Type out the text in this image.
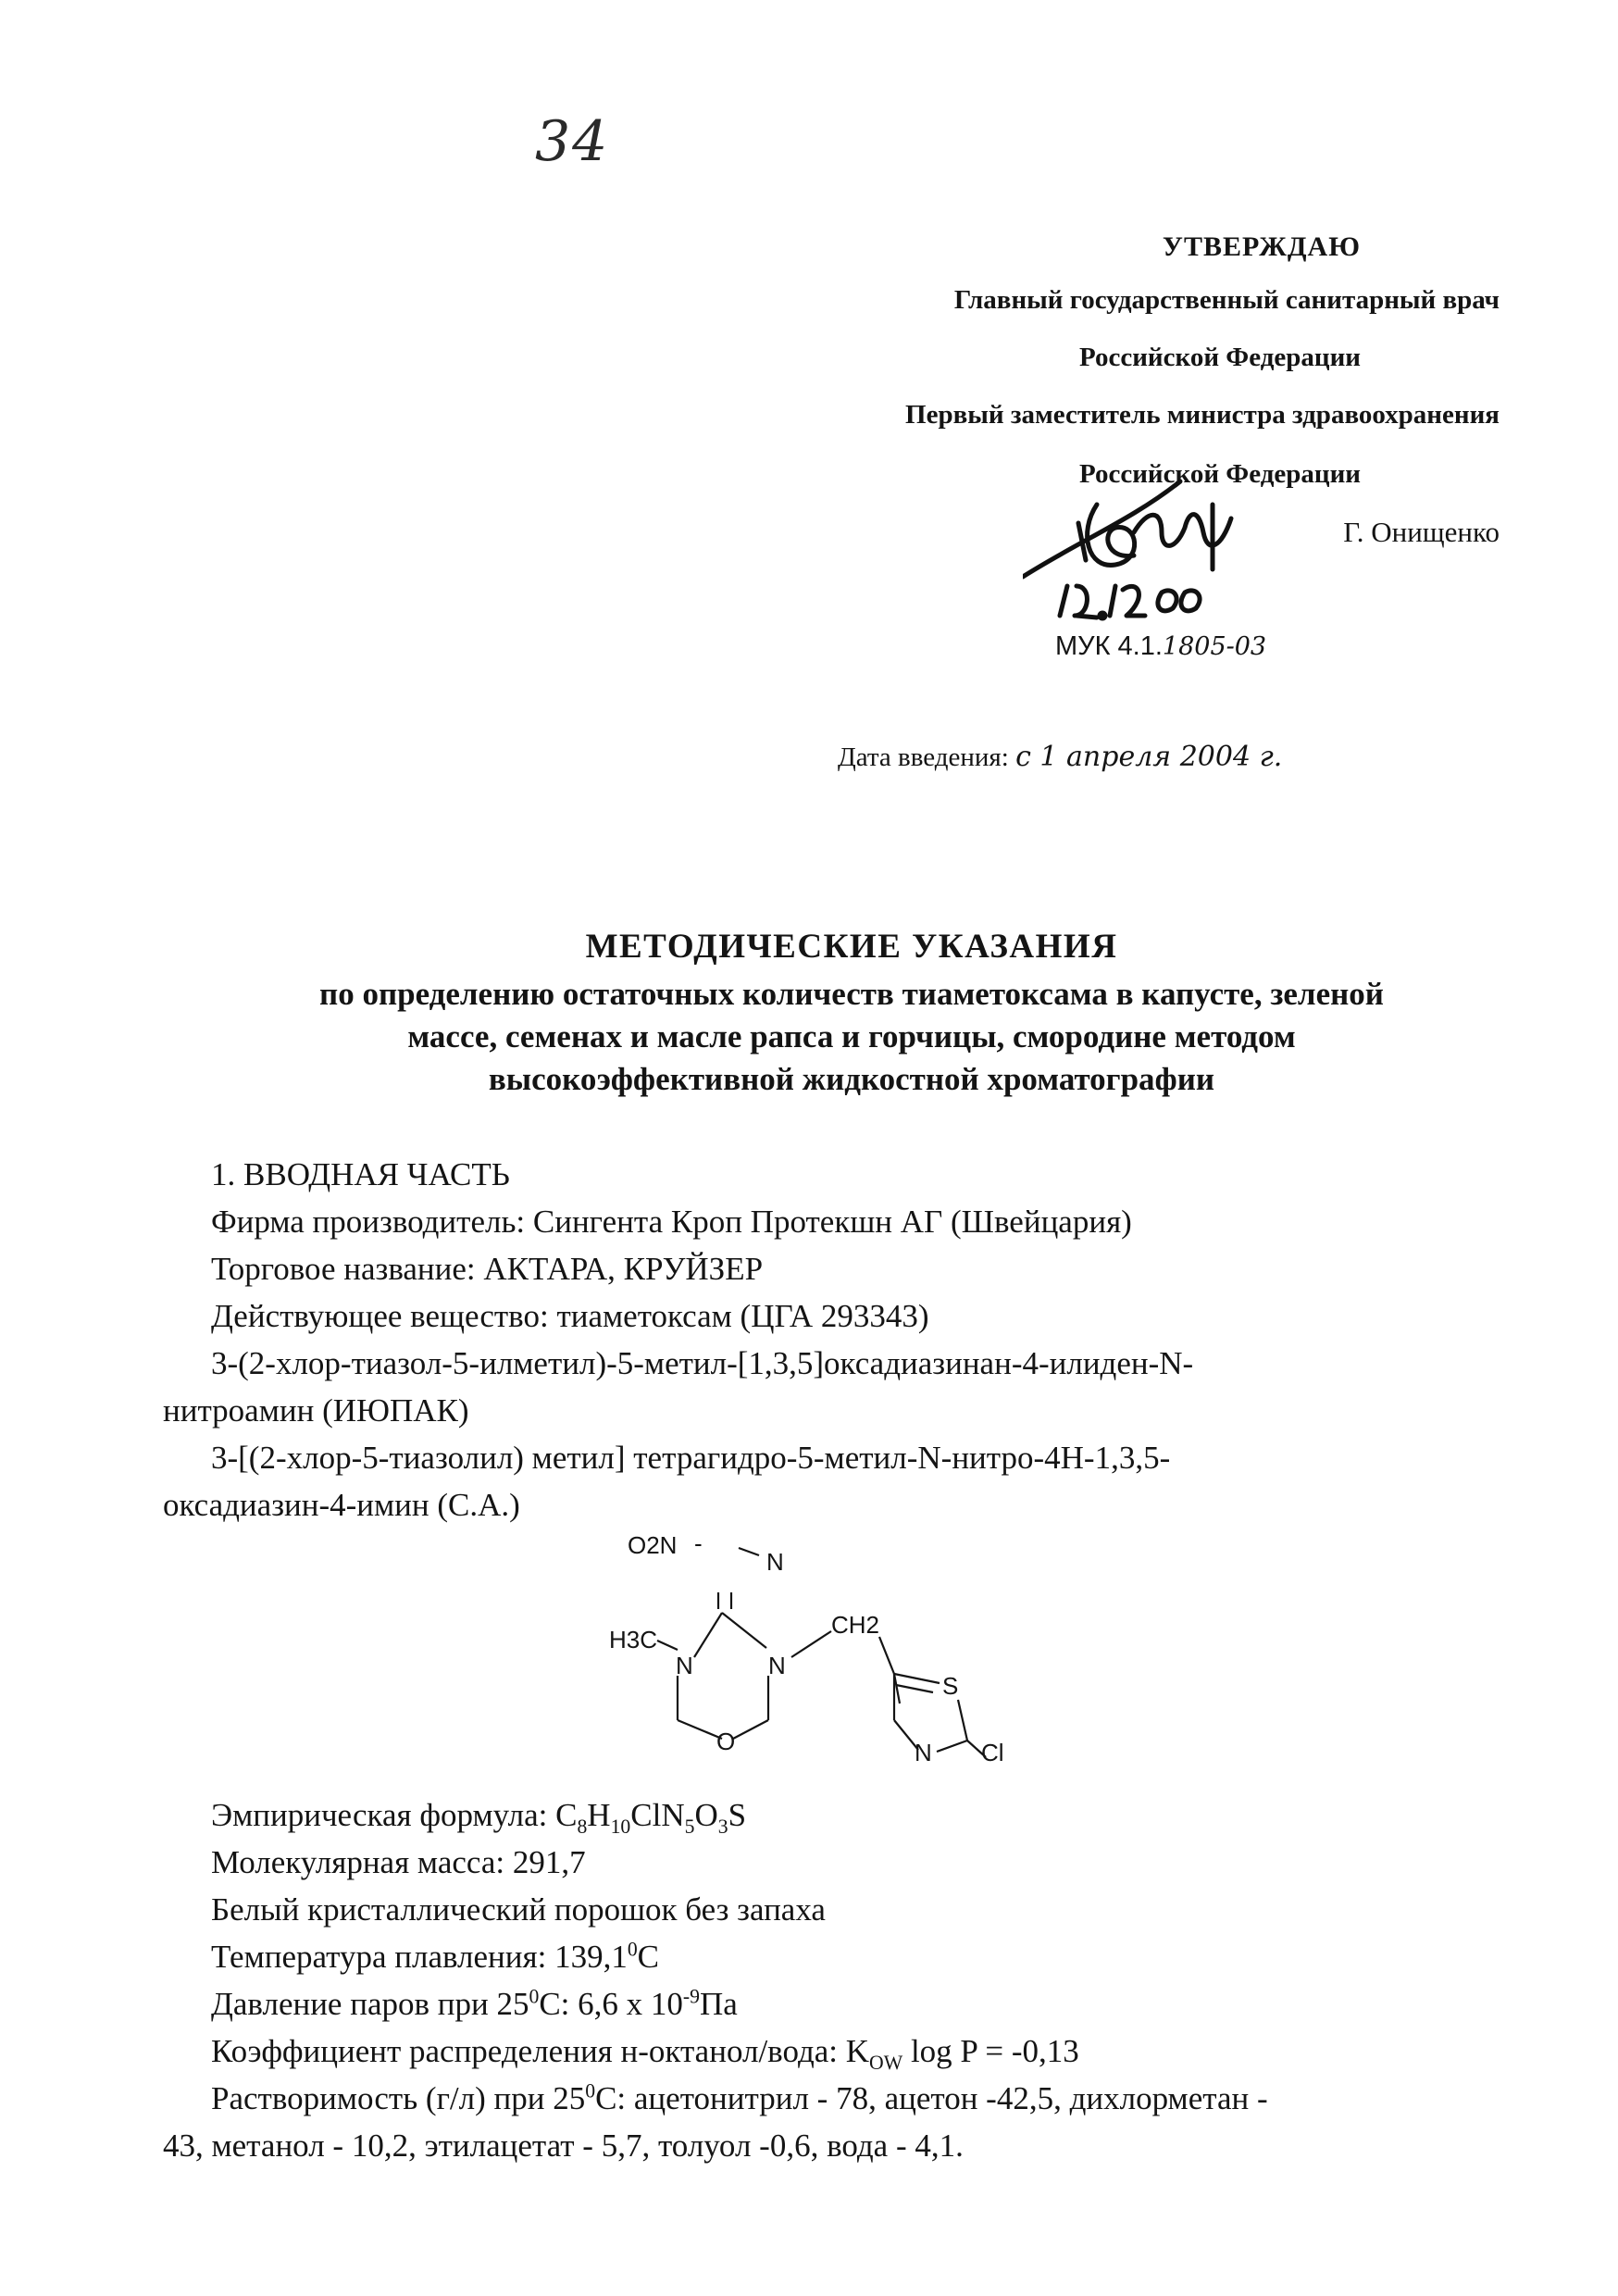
34
УТВЕРЖДАЮ
Главный государственный санитарный врач
Российской Федерации
Первый заместитель министра здравоохранения
Российской Федерации
Г. Онищенко
МУК 4.1.1805-03
Дата введения: с 1 апреля 2004 г.
МЕТОДИЧЕСКИЕ УКАЗАНИЯ
по определению остаточных количеств тиаметоксама в капусте, зеленой
массе, семенах и масле рапса и горчицы, смородине методом
высокоэффективной жидкостной хроматографии
1. ВВОДНАЯ ЧАСТЬ
Фирма производитель: Сингента Кроп Протекшн АГ (Швейцария)
Торговое название: АКТАРА, КРУЙЗЕР
Действующее вещество: тиаметоксам (ЦГА 293343)
3-(2-хлор-тиазол-5-илметил)-5-метил-[1,3,5]оксадиазинан-4-илиден-N-
нитроамин (ИЮПАК)
3-[(2-хлор-5-тиазолил) метил] тетрагидро-5-метил-N-нитро-4H-1,3,5-
оксадиазин-4-имин (С.А.)
O2N -
N
H3C
N	N
CH2
O
S
N Cl
Эмпирическая формула: $C_8H_{10}ClN_5O_3S$
Молекулярная масса: 291,7
Белый кристаллический порошок без запаха
Температура плавления: 139,1$^0$C
Давление паров при $25^0C$: 6,6 x $10^{-9}Па$
Коэффициент распределения н-октанол/вода: $K_{OW}$ log P = -0,13
Растворимость (г/л) при $25^0С$: ацетонитрил - 78, ацетон -42,5, дихлорметан -
43, метанол - 10,2, этилацетат - 5,7, толуол -0,6, вода - 4,1.
